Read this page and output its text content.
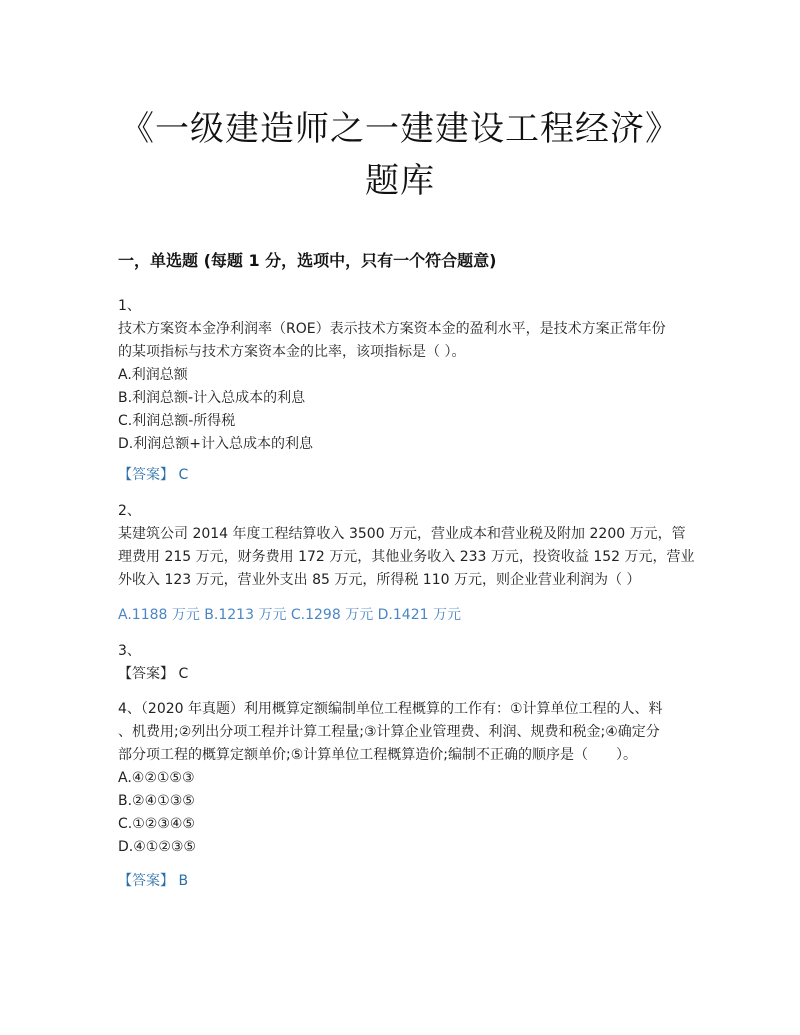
《一级建造师之一建建设工程经济》
题库
一，单选题 (每题 1 分，选项中，只有一个符合题意)
1、
技术方案资本金净利润率（ROE）表示技术方案资本金的盈利水平，是技术方案正常年份
的某项指标与技术方案资本金的比率，该项指标是（ ）。
A.利润总额
B.利润总额-计入总成本的利息
C.利润总额-所得税
D.利润总额+计入总成本的利息
【答案】 C
2、
某建筑公司 2014 年度工程结算收入 3500 万元，营业成本和营业税及附加 2200 万元，管
理费用 215 万元，财务费用 172 万元，其他业务收入 233 万元，投资收益 152 万元，营业
外收入 123 万元，营业外支出 85 万元，所得税 110 万元，则企业营业利润为（ ）
A.1188 万元 B.1213 万元 C.1298 万元 D.1421 万元
3、
【答案】 C
4、（2020 年真题）利用概算定额编制单位工程概算的工作有：①计算单位工程的人、料
、机费用;②列出分项工程并计算工程量;③计算企业管理费、利润、规费和税金;④确定分
部分项工程的概算定额单价;⑤计算单位工程概算造价;编制不正确的顺序是（　　）。
A.④②①⑤③
B.②④①③⑤
C.①②③④⑤
D.④①②③⑤
【答案】 B
